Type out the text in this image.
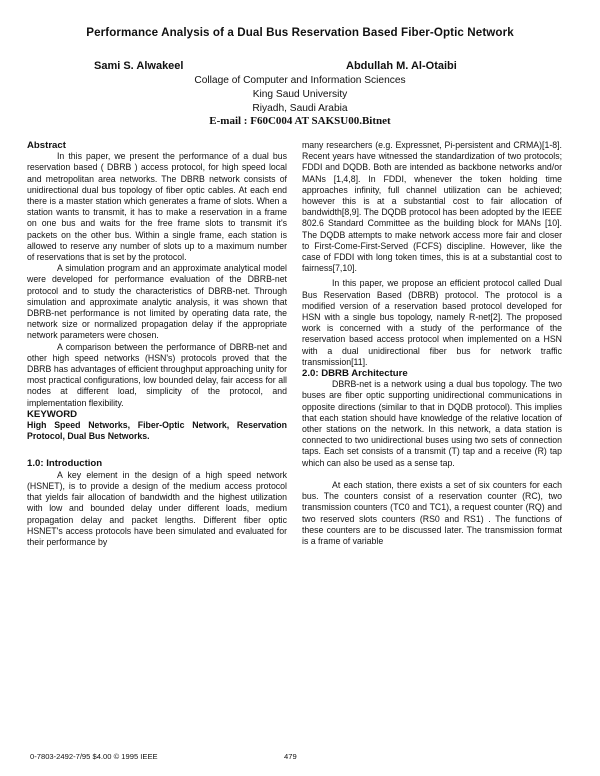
Performance Analysis of a Dual Bus Reservation Based Fiber-Optic Network
Sami S. Alwakeel	Abdullah M. Al-Otaibi
Collage of Computer and Information Sciences
King Saud University
Riyadh, Saudi Arabia
E-mail : F60C004 AT SAKSU00.Bitnet

Abstract

In this paper, we present the performance of a dual bus reservation based ( DBRB ) access protocol, for high speed local and metropolitan area networks. The DBRB network consists of unidirectional dual bus topology of fiber optic cables. At each end there is a master station which generates a frame of slots. When a station wants to transmit, it has to make a reservation in a frame on one bus and waits for the free frame slots to transmit it's packets on the other bus. Within a single frame, each station is allowed to reserve any number of slots up to a maximum number of reservations that is set by the protocol.

A simulation program and an approximate analytical model were developed for performance evaluation of the DBRB-net protocol and to study the characteristics of DBRB-net. Through simulation and approximate analytic analysis, it was shown that DBRB-net performance is not limited by operating data rate, the network size or normalized propagation delay if the appropriate network parameters were chosen.

A comparison between the performance of DBRB-net and other high speed networks (HSN's) protocols proved that the DBRB has advantages of efficient throughput approaching unity for most practical configurations, low bounded delay, fair access for all nodes at different load, simplicity of the protocol, and implementation flexibility.

KEYWORD

High Speed Networks, Fiber-Optic Network, Reservation Protocol, Dual Bus Networks.

1.0: Introduction

A key element in the design of a high speed network (HSNET), is to provide a design of the medium access protocol that yields fair allocation of bandwidth and the highest utilization with low and bounded delay under different loads, medium propagation delay and packet lengths. Different fiber optic HSNET's access protocols have been simulated and evaluated for their performance by

many researchers (e.g. Expressnet, Pi-persistent and CRMA)[1-8]. Recent years have witnessed the standardization of two protocols; FDDI and DQDB. Both are intended as backbone networks and/or MANs [1,4,8]. In FDDI, whenever the token holding time approaches infinity, full channel utilization can be achieved; however this is at a substantial cost to fair allocation of bandwidth[8,9]. The DQDB protocol has been adopted by the IEEE 802.6 Standard Committee as the building block for MANs [10]. The DQDB attempts to make network access more fair and closer to First-Come-First-Served (FCFS) discipline. However, like the case of FDDI with long token times, this is at a substantial cost to fairness[7,10].

In this paper, we propose an efficient protocol called Dual Bus Reservation Based (DBRB) protocol. The protocol is a modified version of a reservation based protocol developed for HSN with a single bus topology, namely R-net[2]. The proposed work is concerned with a study of the performance of the reservation based access protocol when implemented on a HSN with a dual unidirectional fiber bus for network traffic transmission[11].

2.0: DBRB Architecture

DBRB-net is a network using a dual bus topology. The two buses are fiber optic supporting unidirectional communications in opposite directions (similar to that in DQDB protocol). This implies that each station should have knowledge of the relative location of other stations on the network. In this network, a data station is connected to two unidirectional buses using two sets of connection taps. Each set consists of a transmit (T) tap and a receive (R) tap which can also be used as a sense tap.

At each station, there exists a set of six counters for each bus. The counters consist of a reservation counter (RC), two transmission counters (TC0 and TC1), a request counter (RQ) and two reserved slots counters (RS0 and RS1) . The functions of these counters are to be discussed later. The transmission format is a frame of variable

0-7803-2492-7/95 $4.00 © 1995 IEEE	479
